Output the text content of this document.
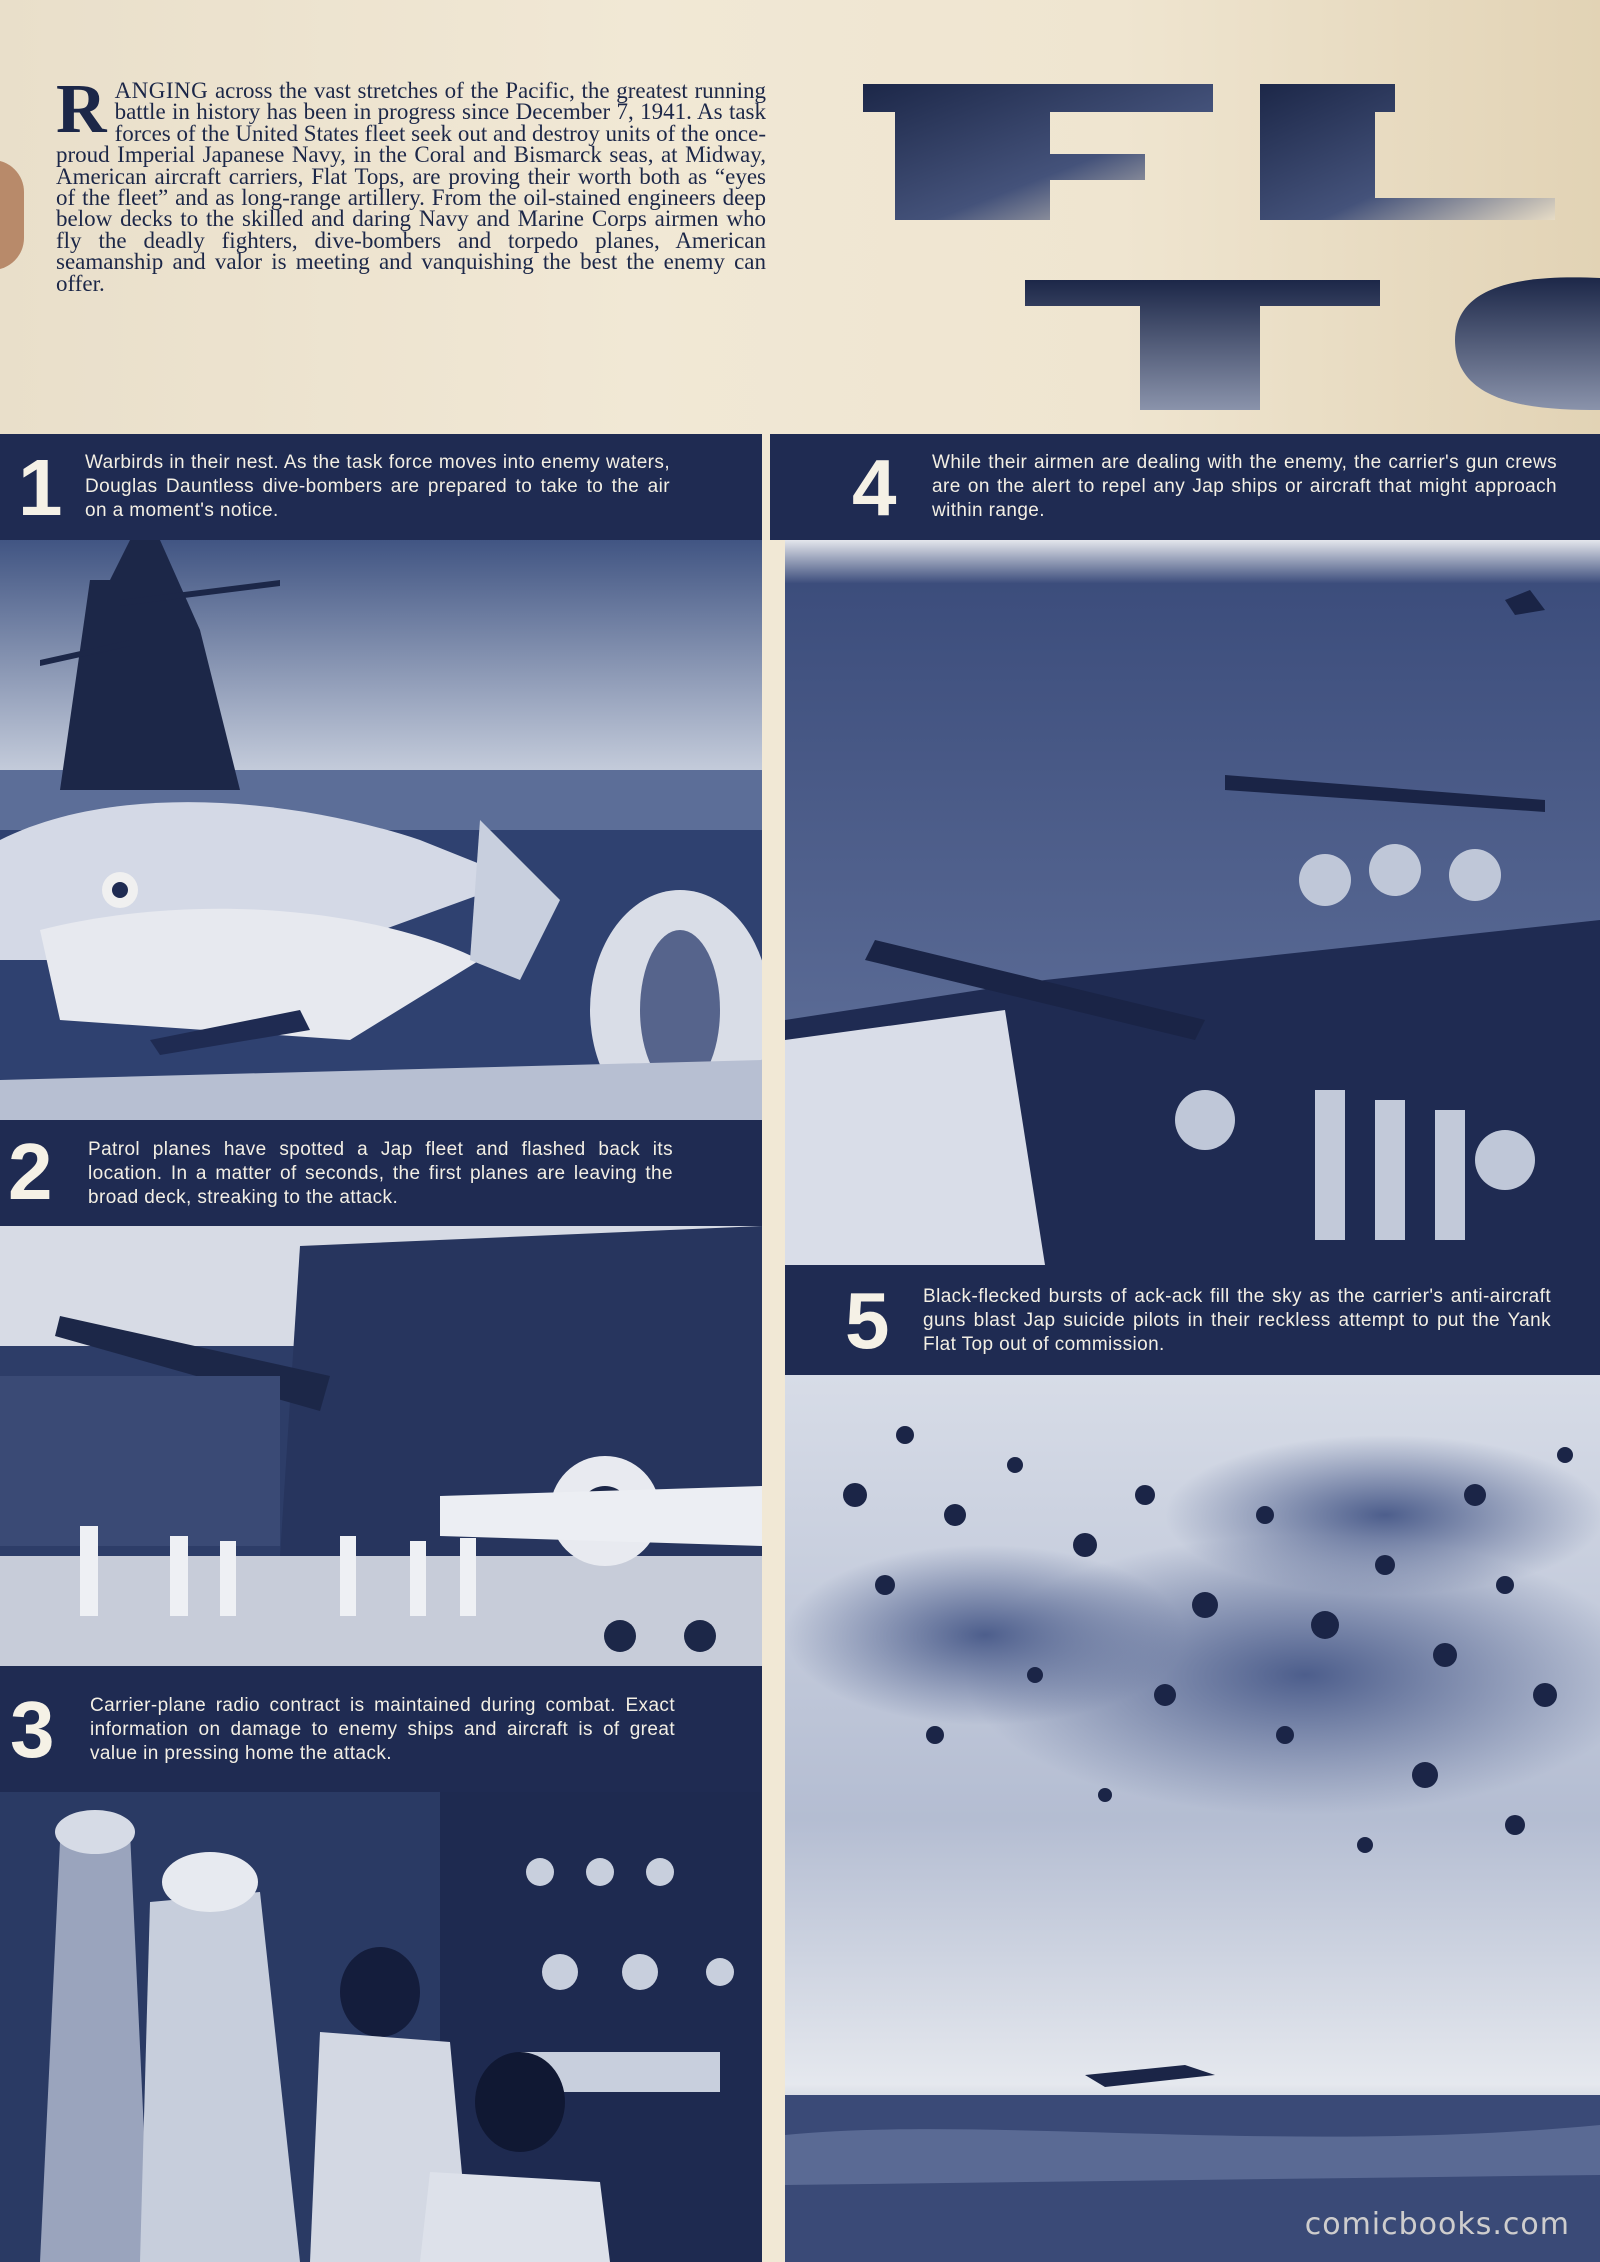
RANGING across the vast stretches of the Pacific, the greatest running battle in history has been in progress since December 7, 1941. As task forces of the United States fleet seek out and destroy units of the once-proud Imperial Japanese Navy, in the Coral and Bismarck seas, at Midway, American aircraft carriers, Flat Tops, are proving their worth both as “eyes of the fleet” and as long-range artillery. From the oil-stained engineers deep below decks to the skilled and daring Navy and Marine Corps airmen who fly the deadly fighters, dive-bombers and torpedo planes, American seamanship and valor is meeting and vanquishing the best the enemy can offer.
FL
1 Warbirds in their nest. As the task force moves into enemy waters, Douglas Dauntless dive-bombers are prepared to take to the air on a moment's notice.	4 While their airmen are dealing with the enemy, the carrier's gun crews are on the alert to repel any Jap ships or aircraft that might approach within range.
2 Patrol planes have spotted a Jap fleet and flashed back its location. In a matter of seconds, the first planes are leaving the broad deck, streaking to the attack.
3 Carrier-plane radio contract is maintained during combat. Exact information on damage to enemy ships and aircraft is of great value in pressing home the attack.
5 Black-flecked bursts of ack-ack fill the sky as the carrier's anti-aircraft guns blast Jap suicide pilots in their reckless attempt to put the Yank Flat Top out of commission.
comicbooks.com
